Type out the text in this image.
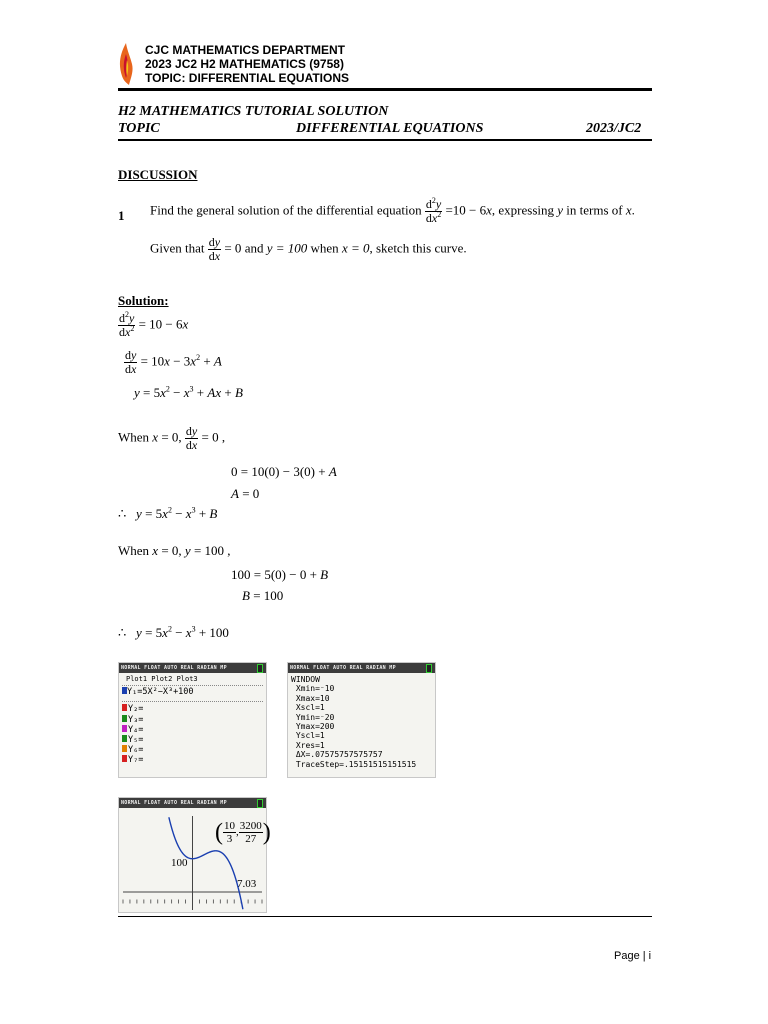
CJC MATHEMATICS DEPARTMENT
2023 JC2 H2 MATHEMATICS (9758)
TOPIC: DIFFERENTIAL EQUATIONS
H2 MATHEMATICS TUTORIAL SOLUTION
TOPIC	DIFFERENTIAL EQUATIONS	2023/JC2
DISCUSSION
1 Find the general solution of the differential equation $\frac{d^2y}{dx^2} =10 - 6x$, expressing y in terms of x.
Given that $\frac{dy}{dx} = 0$ and y = 100 when x = 0, sketch this curve.
Solution:
$\frac{d^2y}{dx^2} = 10 - 6x$
$\frac{dy}{dx} = 10x - 3x^2 + A$
$y = 5x^2 - x^3 + Ax + B$
When x = 0, $\frac{dy}{dx} = 0$ ,
0 = 10(0) − 3(0) + A
A = 0
∴ $y = 5x^2 - x^3 + B$
When x = 0, y = 100 ,
100 = 5(0) − 0 + B
B = 100
∴ $y = 5x^2 - x^3 + 100$
NORMAL FLOAT AUTO REAL RADIAN MP
Plot1 Plot2 Plot3
Y₁=5X²−X³+100
Y₂=
Y₃=
Y₄=
Y₅=
Y₆=
Y₇=
NORMAL FLOAT AUTO REAL RADIAN MP
WINDOW
Xmin=⁻10
Xmax=10
Xscl=1
Ymin=⁻20
Ymax=200
Yscl=1
Xres=1
ΔX=.07575757575757
TraceStep=.15151515151515
NORMAL FLOAT AUTO REAL RADIAN MP
100
7.03
( $\frac{10}{3}$ , $\frac{3200}{27}$ )
Page | i
